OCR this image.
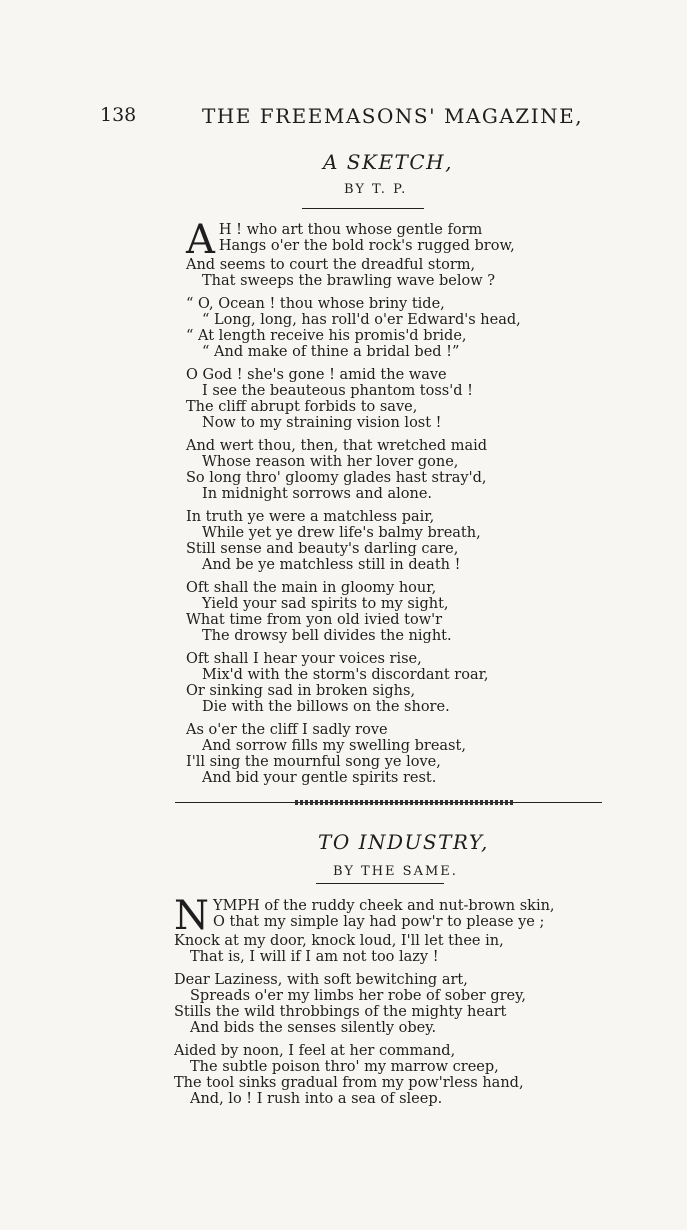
138	THE FREEMASONS' MAGAZINE,
A SKETCH,
BY T. P.
A H ! who art thou whose gentle form
Hangs o'er the bold rock's rugged brow,
And seems to court the dreadful storm,
That sweeps the brawling wave below ?
“ O, Ocean ! thou whose briny tide,
“ Long, long, has roll'd o'er Edward's head,
“ At length receive his promis'd bride,
“ And make of thine a bridal bed !”
O God ! she's gone ! amid the wave
I see the beauteous phantom toss'd !
The cliff abrupt forbids to save,
Now to my straining vision lost !
And wert thou, then, that wretched maid
Whose reason with her lover gone,
So long thro' gloomy glades hast stray'd,
In midnight sorrows and alone.
In truth ye were a matchless pair,
While yet ye drew life's balmy breath,
Still sense and beauty's darling care,
And be ye matchless still in death !
Oft shall the main in gloomy hour,
Yield your sad spirits to my sight,
What time from yon old ivied tow'r
The drowsy bell divides the night.
Oft shall I hear your voices rise,
Mix'd with the storm's discordant roar,
Or sinking sad in broken sighs,
Die with the billows on the shore.
As o'er the cliff I sadly rove
And sorrow fills my swelling breast,
I'll sing the mournful song ye love,
And bid your gentle spirits rest.
TO INDUSTRY,
BY THE SAME.
NYMPH of the ruddy cheek and nut-brown skin,
O that my simple lay had pow'r to please ye ;
Knock at my door, knock loud, I'll let thee in,
That is, I will if I am not too lazy !
Dear Laziness, with soft bewitching art,
Spreads o'er my limbs her robe of sober grey,
Stills the wild throbbings of the mighty heart
And bids the senses silently obey.
Aided by noon, I feel at her command,
The subtle poison thro' my marrow creep,
The tool sinks gradual from my pow'rless hand,
And, lo ! I rush into a sea of sleep.
